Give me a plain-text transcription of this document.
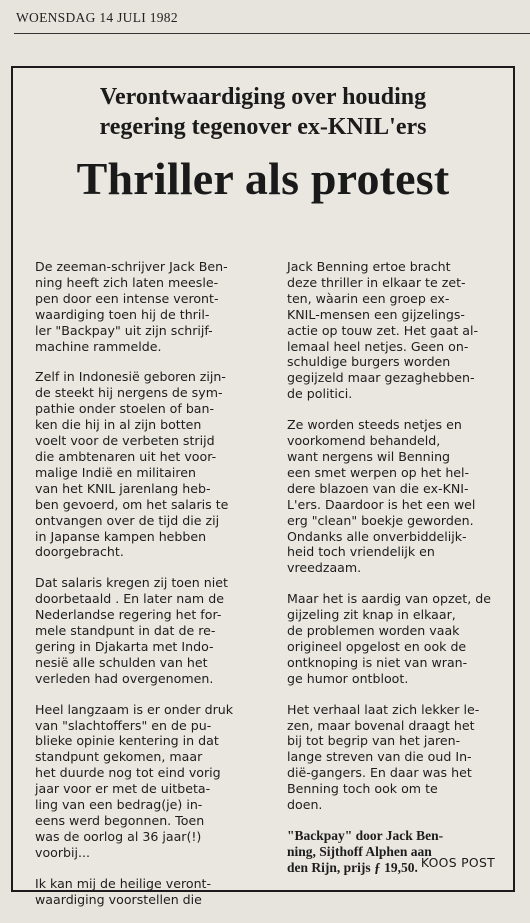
WOENSDAG 14 JULI 1982
Verontwaardiging over houding
regering tegenover ex-KNIL'ers
Thriller als protest

De zeeman-schrijver Jack Ben-
ning heeft zich laten meesle-
pen door een intense veront-
waardiging toen hij de thril-
ler "Backpay" uit zijn schrijf-
machine rammelde.

Zelf in Indonesië geboren zijn-
de steekt hij nergens de sym-
pathie onder stoelen of ban-
ken die hij in al zijn botten
voelt voor de verbeten strijd
die ambtenaren uit het voor-
malige Indië en militairen
van het KNIL jarenlang heb-
ben gevoerd, om het salaris te
ontvangen over de tijd die zij
in Japanse kampen hebben
doorgebracht.

Dat salaris kregen zij toen niet
doorbetaald . En later nam de
Nederlandse regering het for-
mele standpunt in dat de re-
gering in Djakarta met Indo-
nesië alle schulden van het
verleden had overgenomen.

Heel langzaam is er onder druk
van "slachtoffers" en de pu-
blieke opinie kentering in dat
standpunt gekomen, maar
het duurde nog tot eind vorig
jaar voor er met de uitbeta-
ling van een bedrag(je) in-
eens werd begonnen. Toen
was de oorlog al 36 jaar(!)
voorbij...

Ik kan mij de heilige veront-
waardiging voorstellen die

Jack Benning ertoe bracht
deze thriller in elkaar te zet-
ten, wàarin een groep ex-
KNIL-mensen een gijzelings-
actie op touw zet. Het gaat al-
lemaal heel netjes. Geen on-
schuldige burgers worden
gegijzeld maar gezaghebben-
de politici.

Ze worden steeds netjes en
voorkomend behandeld,
want nergens wil Benning
een smet werpen op het hel-
dere blazoen van die ex-KNI-
L'ers. Daardoor is het een wel
erg "clean" boekje geworden.
Ondanks alle onverbiddelijk-
heid toch vriendelijk en
vreedzaam.

Maar het is aardig van opzet, de
gijzeling zit knap in elkaar,
de problemen worden vaak
origineel opgelost en ook de
ontknoping is niet van wran-
ge humor ontbloot.

Het verhaal laat zich lekker le-
zen, maar bovenal draagt het
bij tot begrip van het jaren-
lange streven van die oud In-
dië-gangers. En daar was het
Benning toch ook om te
doen.

"Backpay" door Jack Ben-
ning, Sijthoff Alphen aan
den Rijn, prijs ƒ 19,50. KOOS POST
